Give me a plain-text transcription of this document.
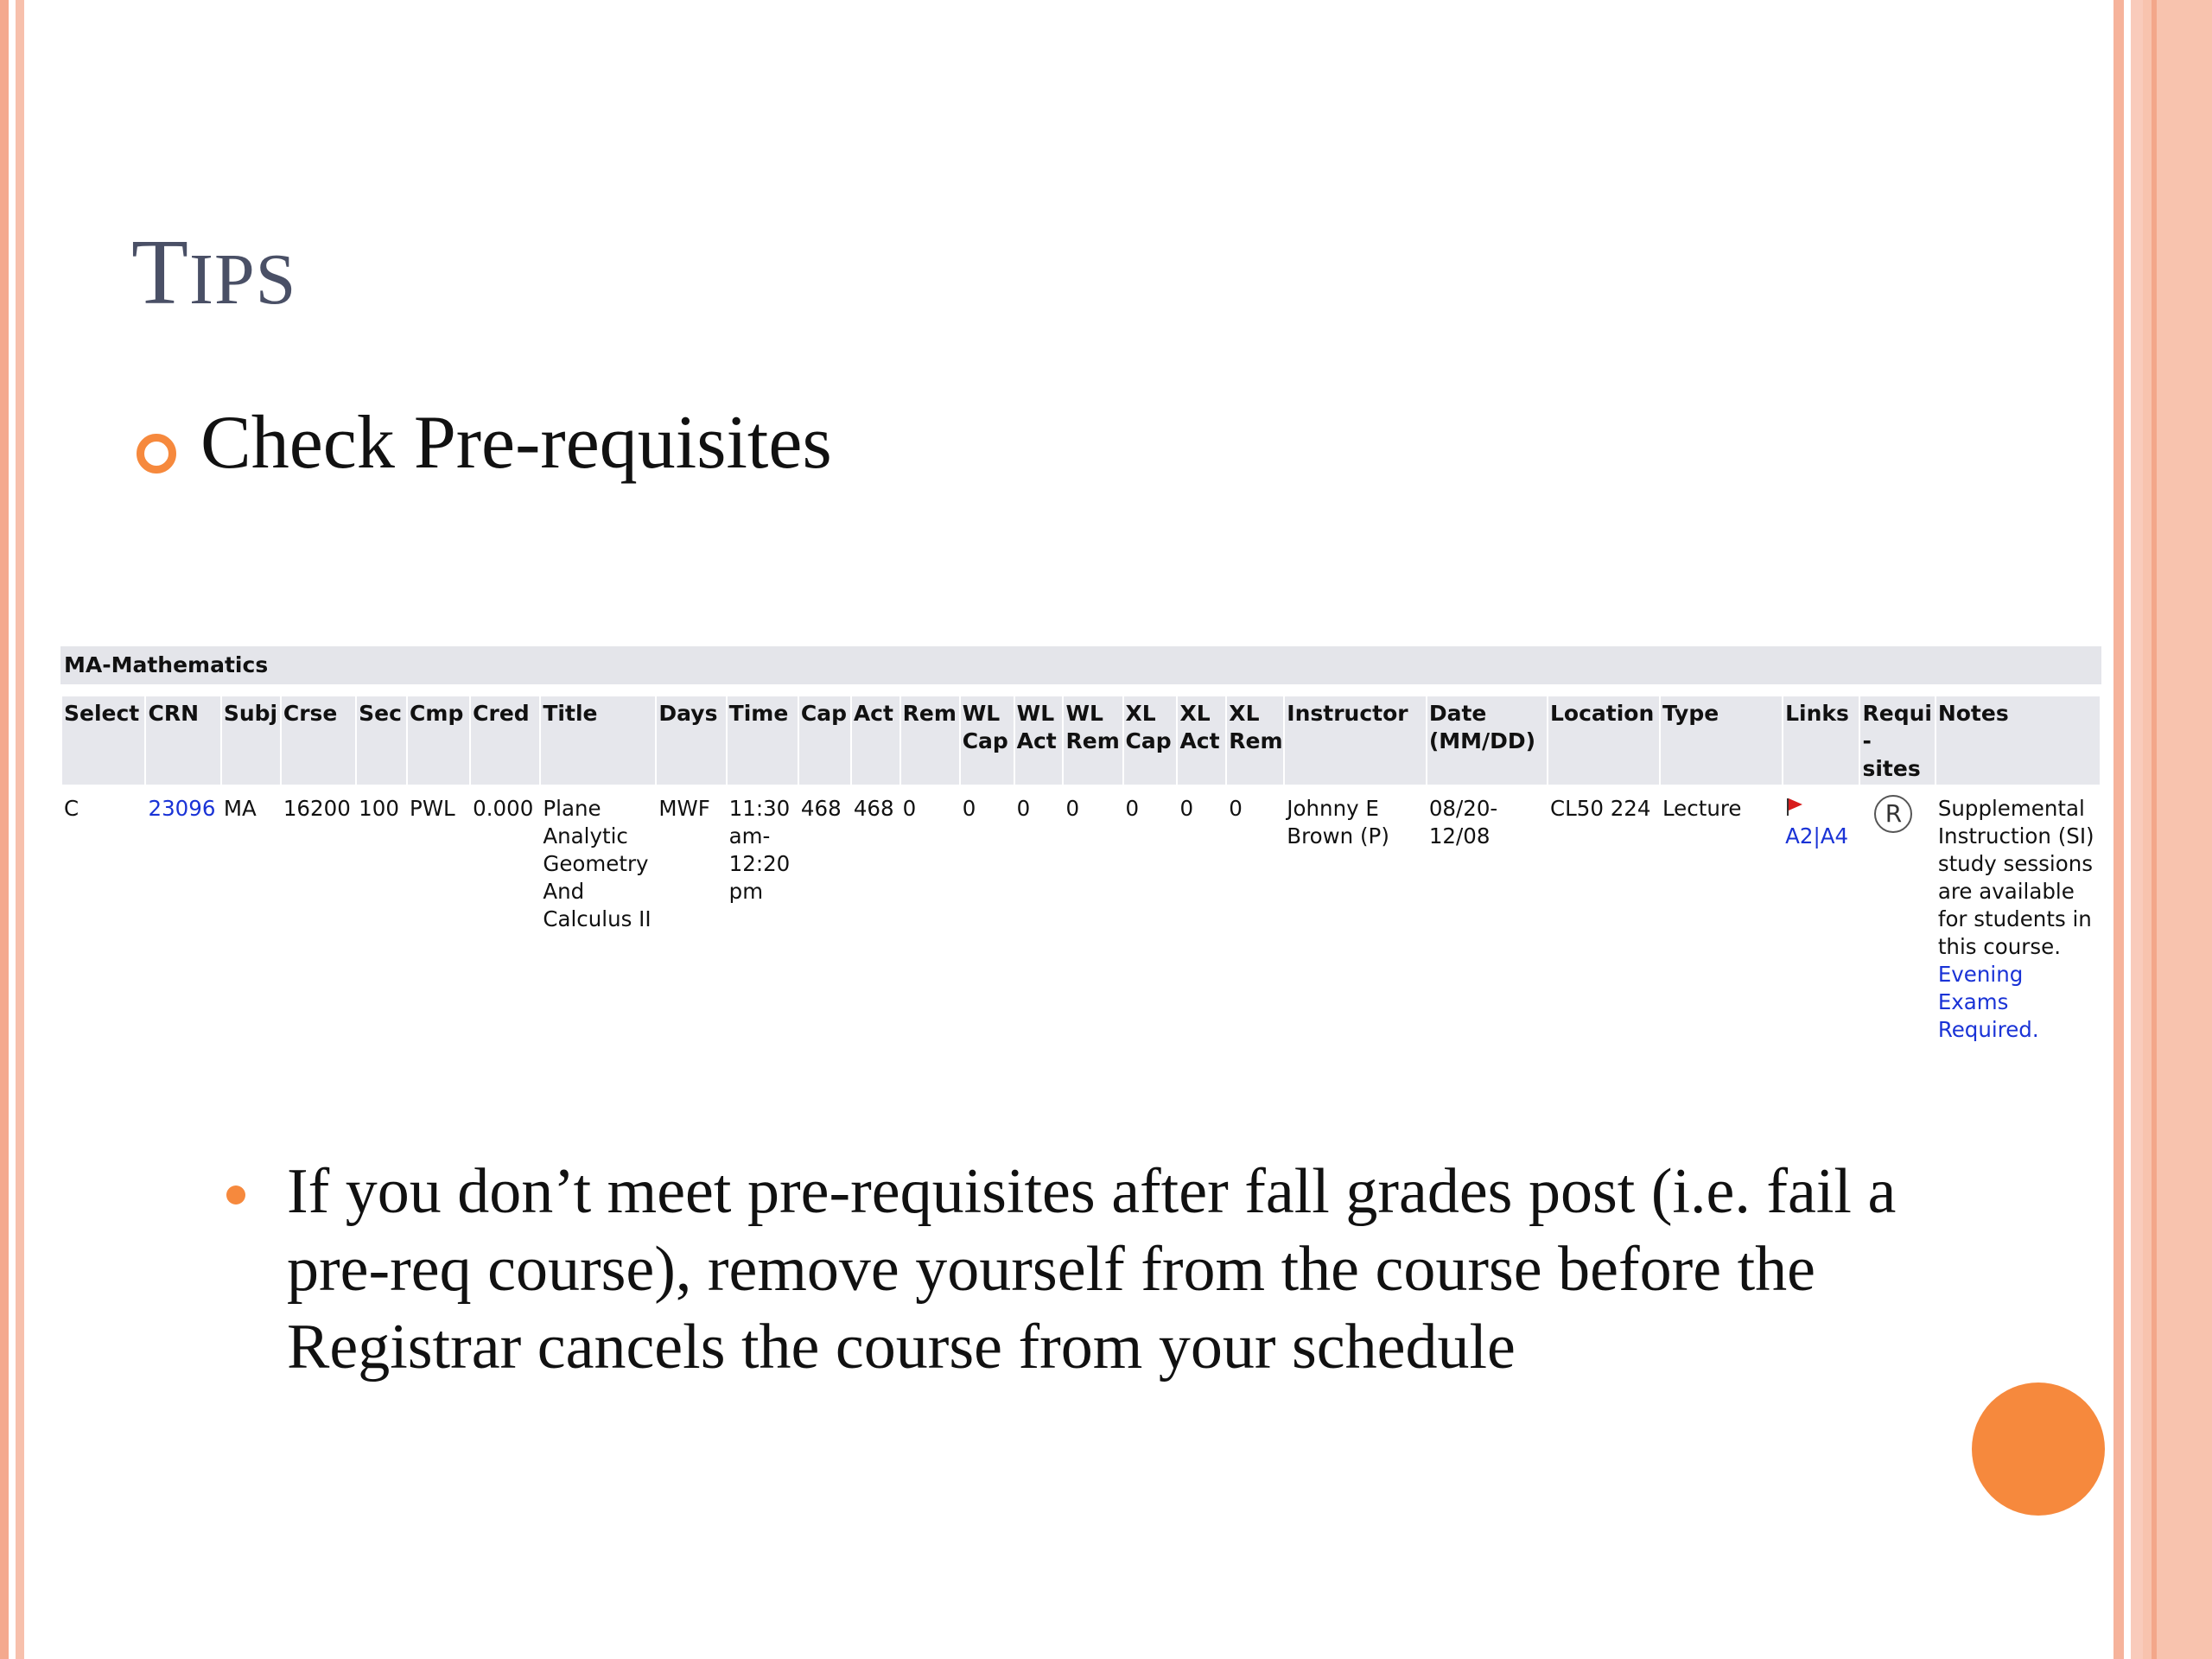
TIPS
Check Pre-requisites
MA-Mathematics
Select	CRN	Subj	Crse	Sec	Cmp	Cred	Title	Days	Time	Cap	Act	Rem	WL Cap	WL Act	WL Rem	XL Cap	XL Act	XL Rem	Instructor	Date (MM/DD)	Location	Type	Links	Requi - sites	Notes
C	23096	MA	16200	100	PWL	0.000	Plane Analytic Geometry And Calculus II	MWF	11:30 am-12:20 pm	468	468	0	0	0	0	0	0	0	Johnny E Brown (P)	08/20-12/08	CL50 224	Lecture	A2|A4	R	Supplemental Instruction (SI) study sessions are available for students in this course. Evening Exams Required.
If you don’t meet pre-requisites after fall grades post (i.e. fail a pre-req course), remove yourself from the course before the Registrar cancels the course from your schedule
